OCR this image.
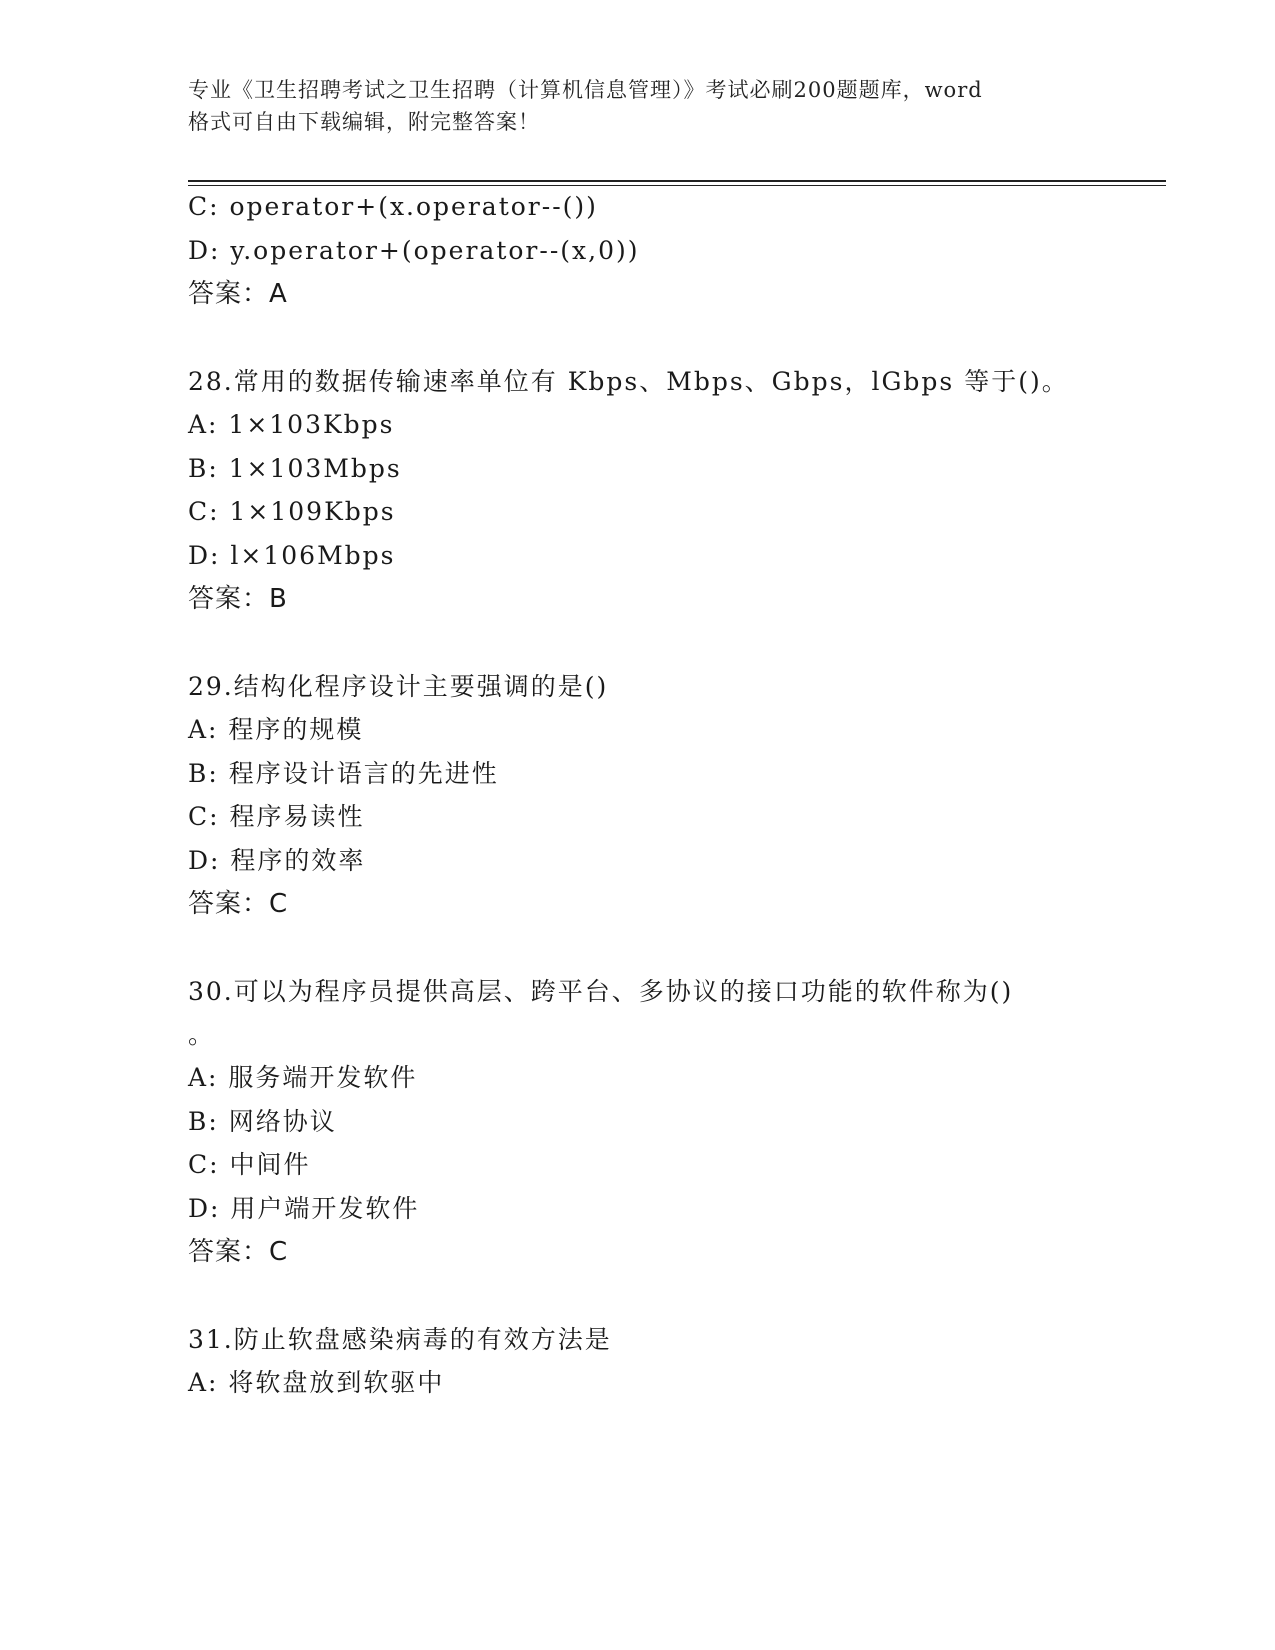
专业《卫生招聘考试之卫生招聘（计算机信息管理）》考试必刷200题题库，word
格式可自由下载编辑，附完整答案！
C: operator+(x.operator--())
D: y.operator+(operator--(x,0))
答案：A
28.常用的数据传输速率单位有 Kbps、Mbps、Gbps，lGbps 等于()。
A: 1×103Kbps
B: 1×103Mbps
C: 1×109Kbps
D: l×106Mbps
答案：B
29.结构化程序设计主要强调的是()
A: 程序的规模
B: 程序设计语言的先进性
C: 程序易读性
D: 程序的效率
答案：C
30.可以为程序员提供高层、跨平台、多协议的接口功能的软件称为()
。
A: 服务端开发软件
B: 网络协议
C: 中间件
D: 用户端开发软件
答案：C
31.防止软盘感染病毒的有效方法是
A: 将软盘放到软驱中
